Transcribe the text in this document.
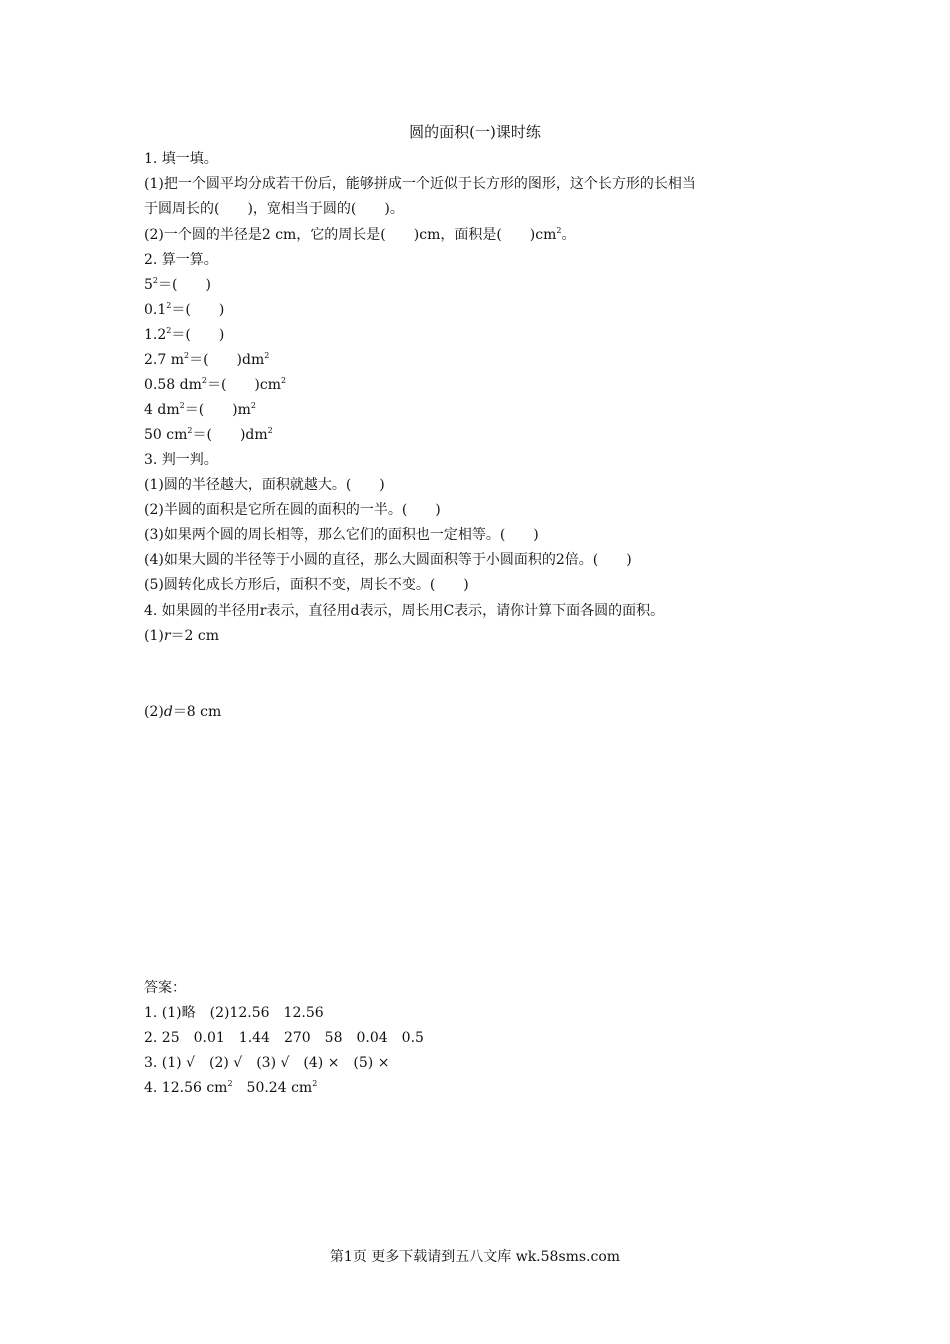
圆的面积(一)课时练
1. 填一填。
(1)把一个圆平均分成若干份后，能够拼成一个近似于长方形的图形，这个长方形的长相当
于圆周长的(　　)，宽相当于圆的(　　)。
(2)一个圆的半径是2 cm，它的周长是(　　)cm，面积是(　　)$cm^2$。
2. 算一算。
$5^2=$(　　)
$0.1^2=$(　　)
$1.2^2=$(　　)
2.7 $m^2=$(　　)$dm^2$
0.58 $dm^2=$(　　)$cm^2$
4 $dm^2=$(　　)$m^2$
50 $cm^2=$(　　)$dm^2$
3. 判一判。
(1)圆的半径越大，面积就越大。(　　)
(2)半圆的面积是它所在圆的面积的一半。(　　)
(3)如果两个圆的周长相等，那么它们的面积也一定相等。(　　)
(4)如果大圆的半径等于小圆的直径，那么大圆面积等于小圆面积的2倍。(　　)
(5)圆转化成长方形后，面积不变，周长不变。(　　)
4. 如果圆的半径用r表示，直径用d表示，周长用C表示，请你计算下面各圆的面积。
(1)r＝2 cm
(2)d＝8 cm
答案：
1. (1)略　(2)12.56　12.56
2. 25　0.01　1.44　270　58　0.04　0.5
3. (1) √　(2) √　(3) √　(4) ×　(5) ×
4. 12.56 $cm^2$　50.24 $cm^2$
第1页 更多下载请到五八文库 wk.58sms.com
